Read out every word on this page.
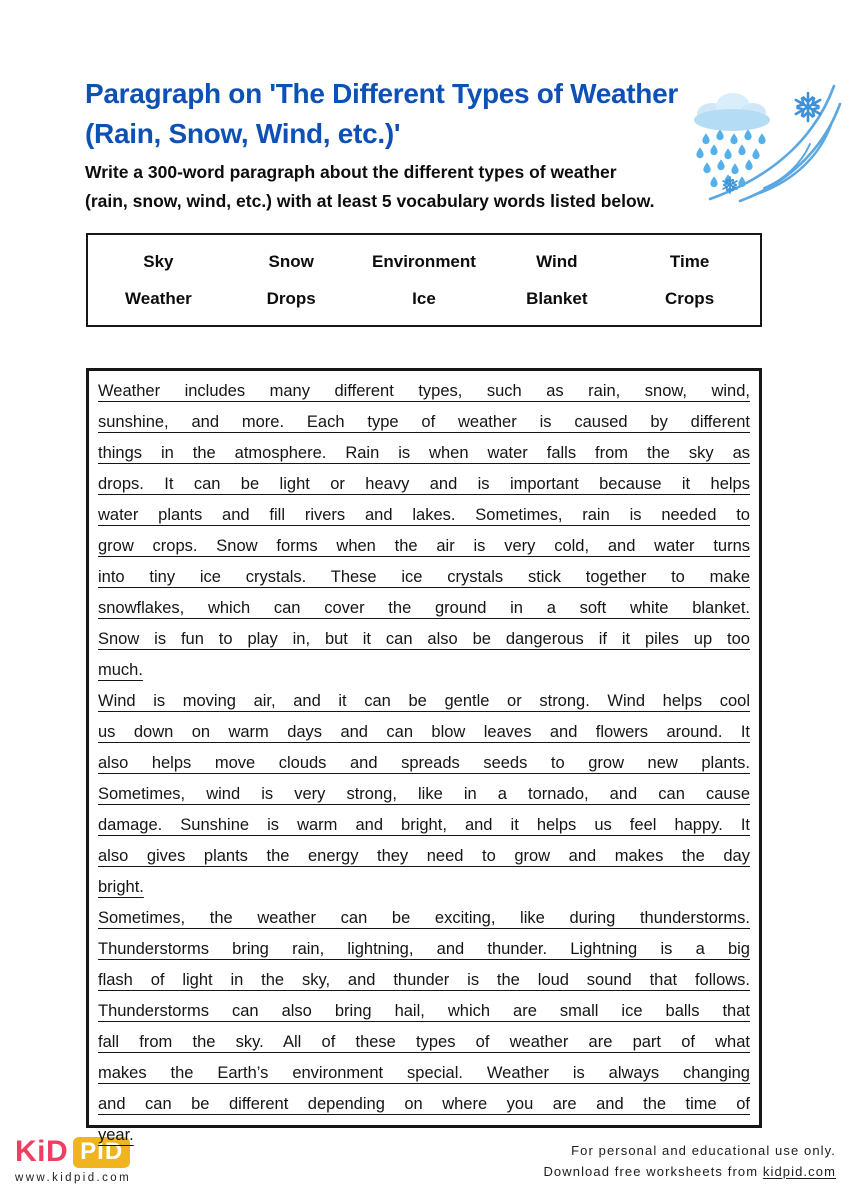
Paragraph on 'The Different Types of Weather
(Rain, Snow, Wind, etc.)'
Write a 300-word paragraph about the different types of weather
(rain, snow, wind, etc.) with at least 5 vocabulary words listed below.
Sky	Snow	Environment	Wind	Time
Weather	Drops	Ice	Blanket	Crops
Weather includes many different types, such as rain, snow, wind,
sunshine, and more. Each type of weather is caused by different
things in the atmosphere. Rain is when water falls from the sky as
drops. It can be light or heavy and is important because it helps
water plants and fill rivers and lakes. Sometimes, rain is needed to
grow crops. Snow forms when the air is very cold, and water turns
into tiny ice crystals. These ice crystals stick together to make
snowflakes, which can cover the ground in a soft white blanket.
Snow is fun to play in, but it can also be dangerous if it piles up too
much.
Wind is moving air, and it can be gentle or strong. Wind helps cool
us down on warm days and can blow leaves and flowers around. It
also helps move clouds and spreads seeds to grow new plants.
Sometimes, wind is very strong, like in a tornado, and can cause
damage. Sunshine is warm and bright, and it helps us feel happy. It
also gives plants the energy they need to grow and makes the day
bright.
Sometimes, the weather can be exciting, like during thunderstorms.
Thunderstorms bring rain, lightning, and thunder. Lightning is a big
flash of light in the sky, and thunder is the loud sound that follows.
Thunderstorms can also bring hail, which are small ice balls that
fall from the sky. All of these types of weather are part of what
makes the Earth’s environment special. Weather is always changing
and can be different depending on where you are and the time of
year.
KiD PID
www.kidpid.com
For personal and educational use only.
Download free worksheets from kidpid.com
